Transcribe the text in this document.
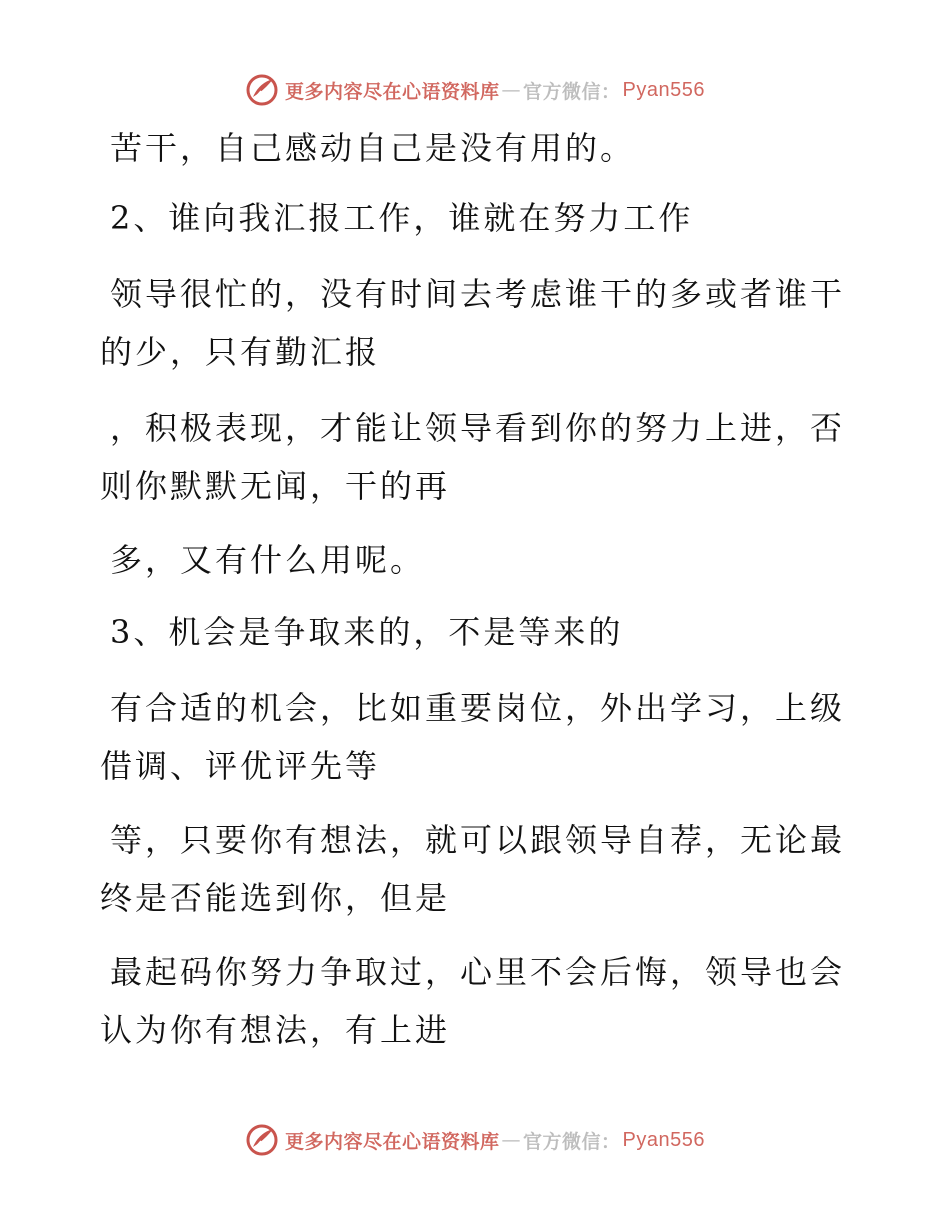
更多内容尽在心语资料库 — 官方微信： Pyan556
苦干，自己感动自己是没有用的。
2、谁向我汇报工作，谁就在努力工作
领导很忙的，没有时间去考虑谁干的多或者谁干
的少，只有勤汇报
，积极表现，才能让领导看到你的努力上进，否
则你默默无闻，干的再
多，又有什么用呢。
3、机会是争取来的，不是等来的
有合适的机会，比如重要岗位，外出学习，上级
借调、评优评先等
等，只要你有想法，就可以跟领导自荐，无论最
终是否能选到你，但是
最起码你努力争取过，心里不会后悔，领导也会
认为你有想法，有上进
更多内容尽在心语资料库 — 官方微信： Pyan556
